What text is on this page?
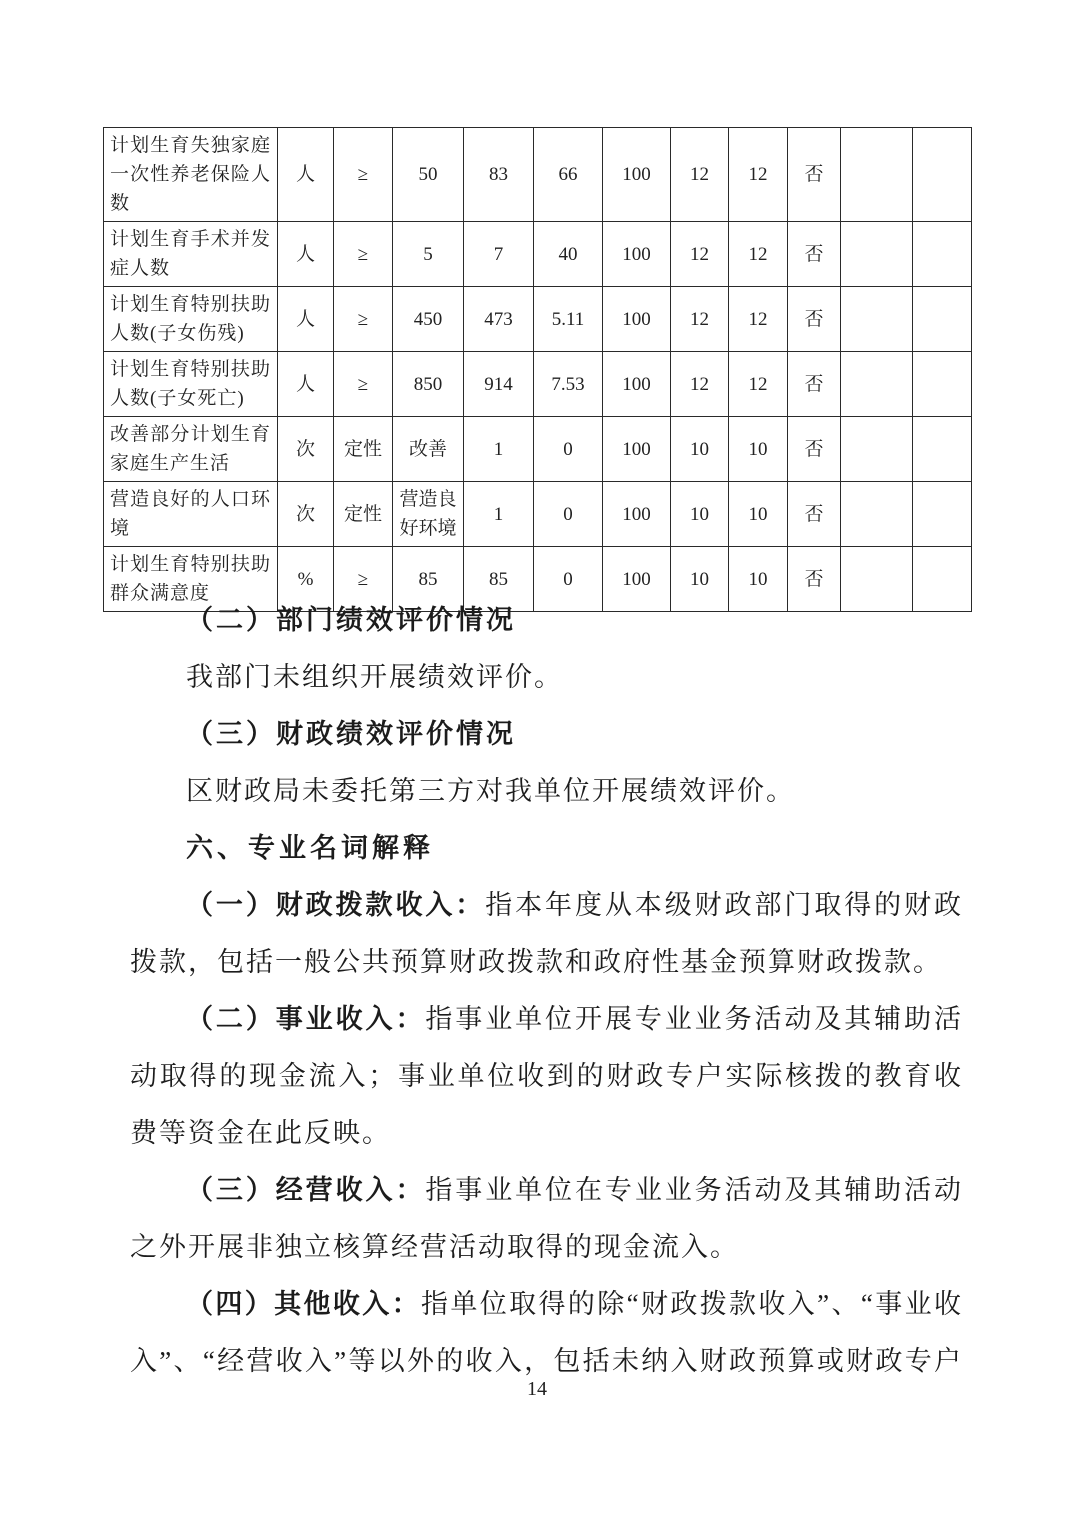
计划生育失独家庭一次性养老保险人数	人	≥	50	83	66	100	12	12	否		
计划生育手术并发症人数	人	≥	5	7	40	100	12	12	否		
计划生育特别扶助人数(子女伤残)	人	≥	450	473	5.11	100	12	12	否		
计划生育特别扶助人数(子女死亡)	人	≥	850	914	7.53	100	12	12	否		
改善部分计划生育家庭生产生活	次	定性	改善	1	0	100	10	10	否		
营造良好的人口环境	次	定性	营造良好环境	1	0	100	10	10	否		
计划生育特别扶助群众满意度	%	≥	85	85	0	100	10	10	否		
（二）部门绩效评价情况

我部门未组织开展绩效评价。

（三）财政绩效评价情况

区财政局未委托第三方对我单位开展绩效评价。

六、专业名词解释

（一）财政拨款收入：指本年度从本级财政部门取得的财政拨款，包括一般公共预算财政拨款和政府性基金预算财政拨款。

（二）事业收入：指事业单位开展专业业务活动及其辅助活动取得的现金流入；事业单位收到的财政专户实际核拨的教育收费等资金在此反映。

（三）经营收入：指事业单位在专业业务活动及其辅助活动之外开展非独立核算经营活动取得的现金流入。

（四）其他收入：指单位取得的除“财政拨款收入”、“事业收入”、“经营收入”等以外的收入，包括未纳入财政预算或财政专户

14
